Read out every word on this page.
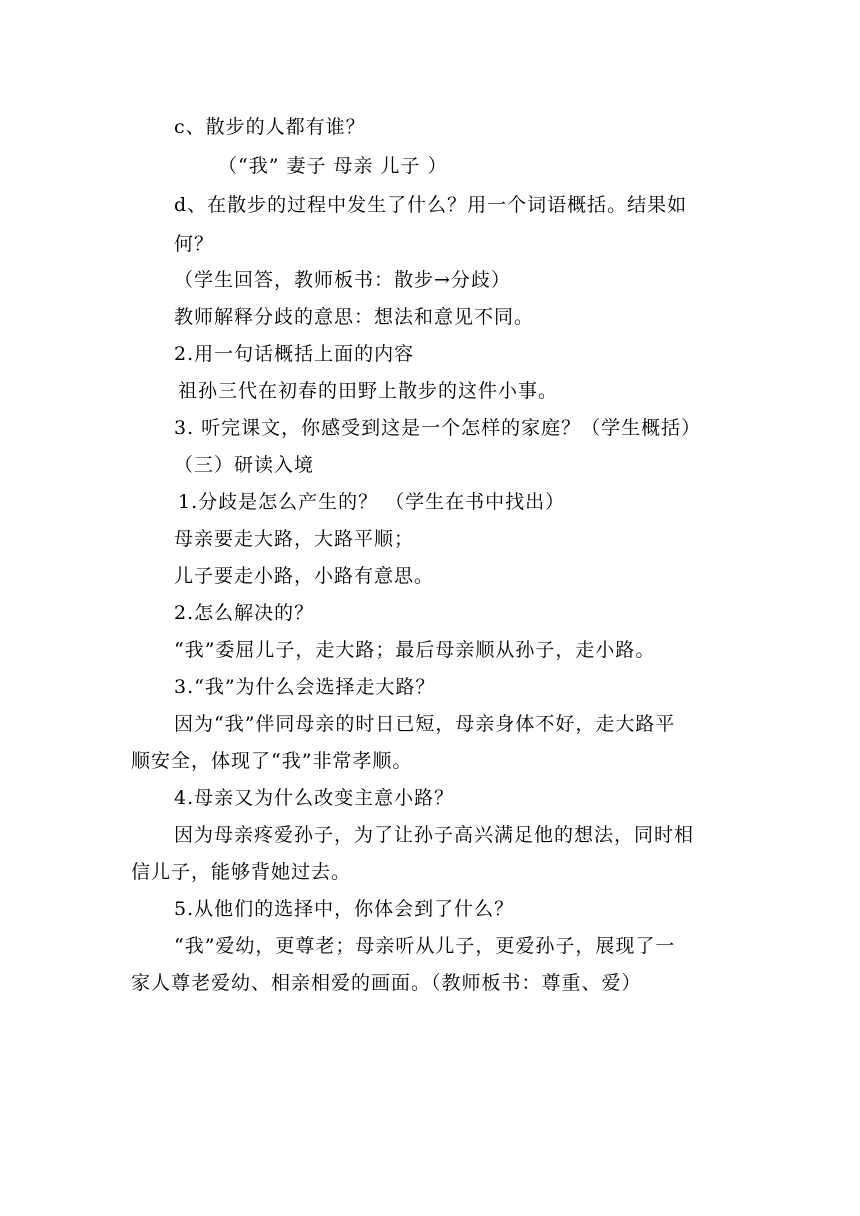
c、散步的人都有谁？
（“我” 妻子 母亲 儿子 ）
d、在散步的过程中发生了什么？用一个词语概括。结果如
何？
（学生回答，教师板书：散步→分歧）
教师解释分歧的意思：想法和意见不同。
2.用一句话概括上面的内容
祖孙三代在初春的田野上散步的这件小事。
3. 听完课文，你感受到这是一个怎样的家庭？（学生概括）
（三）研读入境
1.分歧是怎么产生的？ （学生在书中找出）
母亲要走大路，大路平顺；
儿子要走小路，小路有意思。
2.怎么解决的？
“我”委屈儿子，走大路；最后母亲顺从孙子，走小路。
3.“我”为什么会选择走大路？
因为“我”伴同母亲的时日已短，母亲身体不好，走大路平
顺安全，体现了“我”非常孝顺。
4.母亲又为什么改变主意小路？
因为母亲疼爱孙子，为了让孙子高兴满足他的想法，同时相
信儿子，能够背她过去。
5.从他们的选择中，你体会到了什么？
“我”爱幼，更尊老；母亲听从儿子，更爱孙子，展现了一
家人尊老爱幼、相亲相爱的画面。（教师板书：尊重、爱）
